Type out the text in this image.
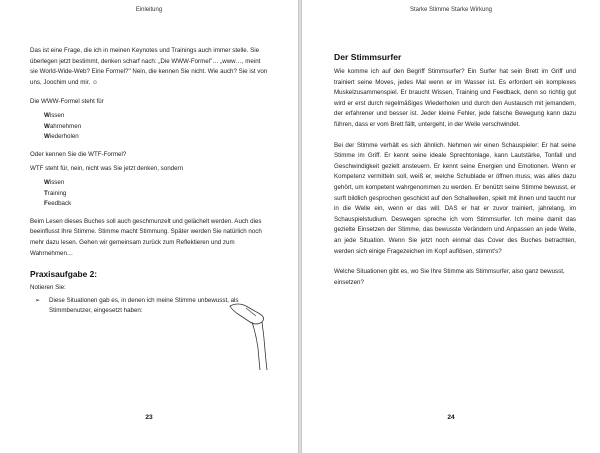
Einleitung

Das ist eine Frage, die ich in meinen Keynotes und Trainings auch immer stelle. Sie überlegen jetzt bestimmt, denken scharf nach: „Die WWW-Formel"… „www…, meint sie World-Wide-Web? Eine Formel?" Nein, die kennen Sie nicht. Wie auch? Sie ist von uns, Joochim und mir. ☺

Die WWW-Formel steht für

Wissen
Wahrnehmen
Wiederholen

Oder kennen Sie die WTF-Formel?

WTF steht für, nein, nicht was Sie jetzt denken, sondern

Wissen
Training
Feedback

Beim Lesen dieses Buches soll auch geschmunzelt und gelächelt werden. Auch dies beeinflusst Ihre Stimme. Stimme macht Stimmung. Später werden Sie natürlich noch mehr dazu lesen. Gehen wir gemeinsam zurück zum Reflektieren und zum Wahrnehmen…

Praxisaufgabe 2:
Notieren Sie:
➢ Diese Situationen gab es, in denen ich meine Stimme unbewusst, als Stimmbenutzer, eingesetzt haben:
23
Starke Stimme Starke Wirkung
Der Stimmsurfer

Wie komme ich auf den Begriff Stimmsurfer? Ein Surfer hat sein Brett im Griff und trainiert seine Moves, jedes Mal wenn er im Wasser ist. Es erfordert ein komplexes Muskelzusammenspiel. Er braucht Wissen, Training und Feedback, denn so richtig gut wird er erst durch regelmäßiges Wiederholen und durch den Austausch mit jemandem, der erfahrener und besser ist. Jeder kleine Fehler, jede falsche Bewegung kann dazu führen, dass er vom Brett fällt, untergeht, in der Welle verschwindet.

Bei der Stimme verhält es sich ähnlich. Nehmen wir einen Schauspieler: Er hat seine Stimme im Griff. Er kennt seine ideale Sprechtonlage, kann Lautstärke, Tonfall und Geschwindigkeit gezielt ansteuern. Er kennt seine Energien und Emotionen. Wenn er Kompetenz vermitteln soll, weiß er, welche Schublade er öffnen muss, was alles dazu gehört, um kompetent wahrgenommen zu werden. Er benützt seine Stimme bewusst, er surft bildlich gesprochen geschickt auf den Schallwellen, spielt mit ihnen und taucht nur in die Welle ein, wenn er das will. DAS er hat er zuvor trainiert, jahrelang, im Schauspielstudium. Deswegen spreche ich vom Stimmsurfer. Ich meine damit das gezielte Einsetzen der Stimme, das bewusste Verändern und Anpassen an jede Welle, an jede Situation. Wenn Sie jetzt noch einmal das Cover des Buches betrachten, werden sich einige Fragezeichen im Kopf auflösen, stimmt's?

Welche Situationen gibt es, wo Sie Ihre Stimme als Stimmsurfer, also ganz bewusst, einsetzen?

24
